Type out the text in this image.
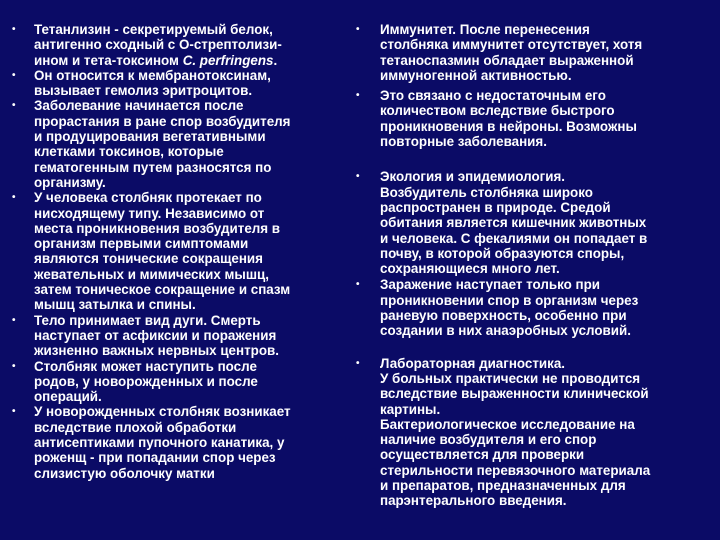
• Тетанлизин - секретируемый белок,
антигенно сходный с О-стрептолизи-
ином и тета-токсином C. perfringens.
• Он относится к мембранотоксинам,
вызывает гемолиз эритроцитов.
• Заболевание начинается после
прорастания в ране спор возбудителя
и продуцирования вегетативными
клетками токсинов, которые
гематогенным путем разносятся по
организму.
• У человека столбняк протекает по
нисходящему типу. Независимо от
места проникновения возбудителя в
организм первыми симптомами
являются тонические сокращения
жевательных и мимических мышц,
затем тоническое сокращение и спазм
мышц затылка и спины.
• Тело принимает вид дуги. Смерть
наступает от асфиксии и поражения
жизненно важных нервных центров.
• Столбняк может наступить после
родов, у новорожденных и после
операций.
• У новорожденных столбняк возникает
вследствие плохой обработки
антисептиками пупочного канатика, у
роженщ - при попадании спор через
слизистую оболочку матки
• Иммунитет. После перенесения
столбняка иммунитет отсутствует, хотя
тетаноспазмин обладает выраженной
иммуногенной активностью.
• Это связано с недостаточным его
количеством вследствие быстрого
проникновения в нейроны. Возможны
повторные заболевания.
• Экология и эпидемиология.
Возбудитель столбняка широко
распространен в природе. Средой
обитания является кишечник животных
и человека. С фекалиями он попадает в
почву, в которой образуются споры,
сохраняющиеся много лет.
• Заражение наступает только при
проникновении спор в организм через
раневую поверхность, особенно при
создании в них анаэробных условий.
• Лабораторная диагностика.
У больных практически не проводится
вследствие выраженности клинической
картины.
Бактериологическое исследование на
наличие возбудителя и его спор
осуществляется для проверки
стерильности перевязочного материала
и препаратов, предназначенных для
парэнтерального введения.
